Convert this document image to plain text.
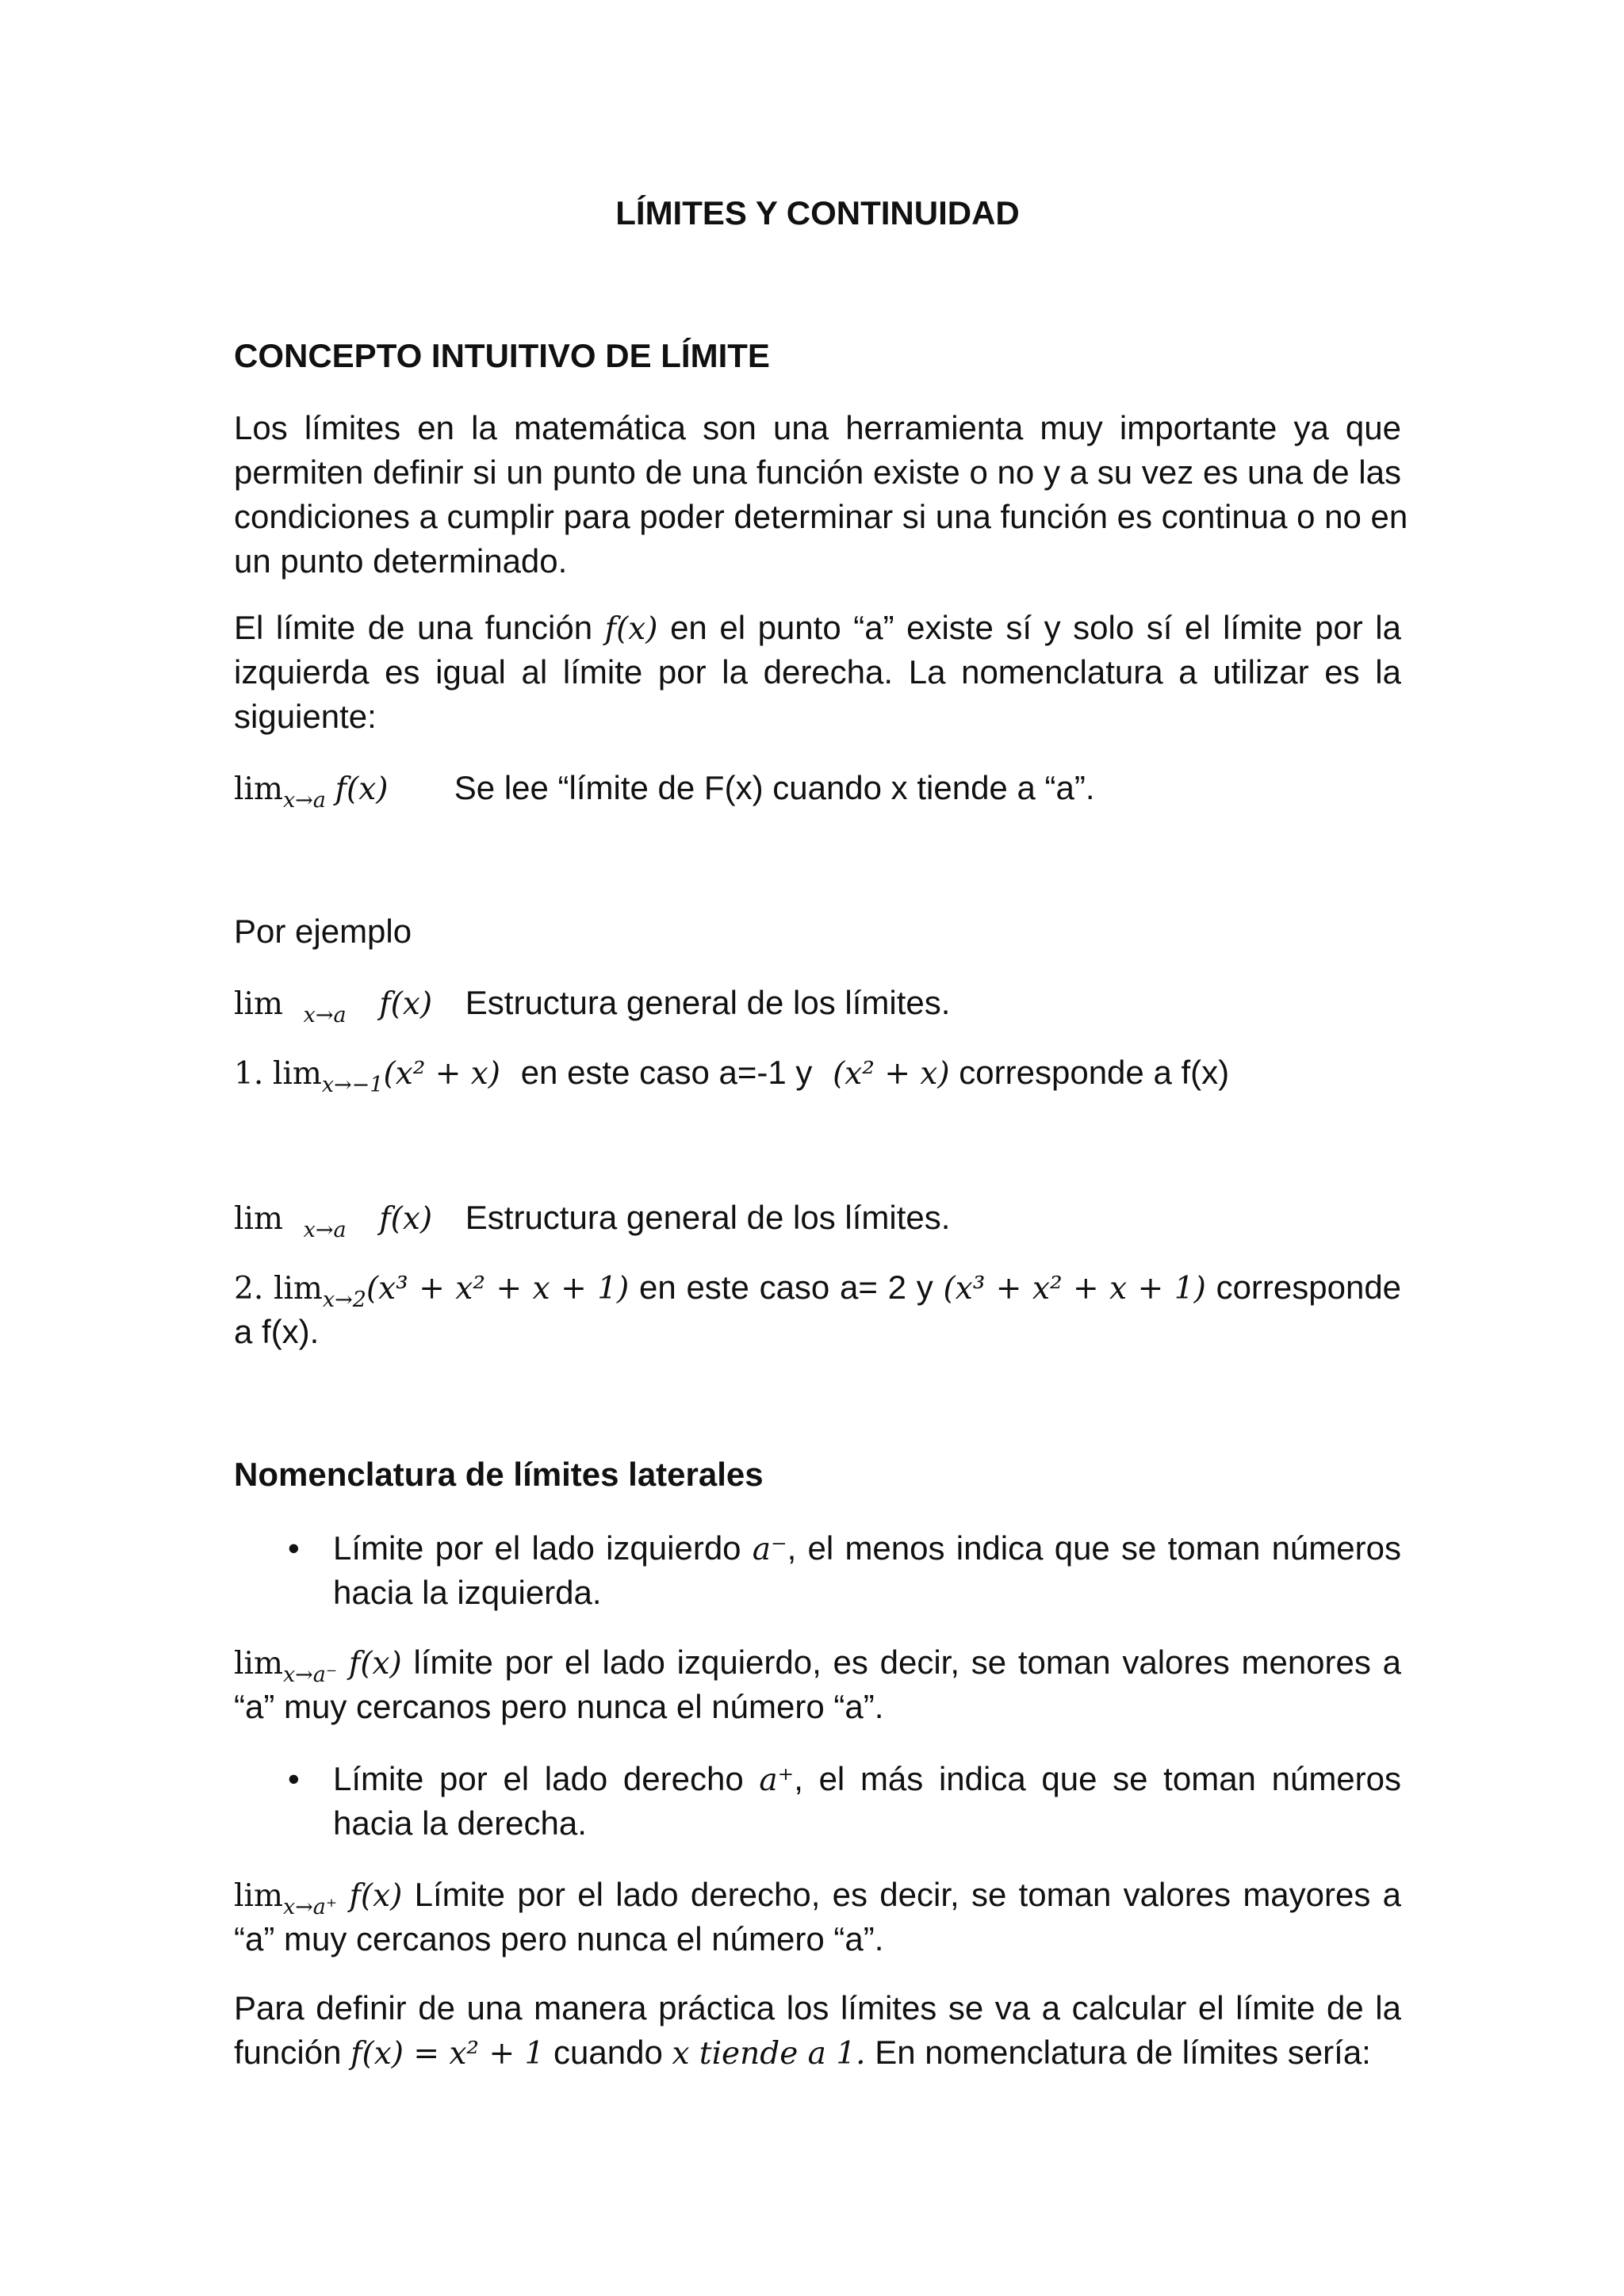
LÍMITES Y CONTINUIDAD
CONCEPTO INTUITIVO DE LÍMITE
Los límites en la matemática son una herramienta muy importante ya que
permiten definir si un punto de una función existe o no y a su vez es una de las
condiciones a cumplir para poder determinar si una función es continua o no en
un punto determinado.
El límite de una función f(x) en el punto “a” existe sí y solo sí el límite por la
izquierda es igual al límite por la derecha. La nomenclatura a utilizar es la
siguiente:
$\lim_{x\to a} f(x)$ Se lee “límite de F(x) cuando x tiende a “a”.
Por ejemplo
lim $_{x\to a}$ f(x) Estructura general de los límites.
1. $\lim_{x\to-1}(x^2 + x)$ en este caso a=-1 y (x² + x) corresponde a f(x)
lim $_{x\to a}$ f(x) Estructura general de los límites.
2. $\lim_{x\to 2}(x^3 + x^2 + x + 1)$ en este caso a= 2 y (x³ + x² + x + 1) corresponde
a f(x).
Nomenclatura de límites laterales
• Límite por el lado izquierdo a⁻, el menos indica que se toman números
hacia la izquierda.
$\lim_{x\to a^-} f(x)$ límite por el lado izquierdo, es decir, se toman valores menores a
“a” muy cercanos pero nunca el número “a”.
• Límite por el lado derecho a⁺, el más indica que se toman números
hacia la derecha.
$\lim_{x\to a^+} f(x)$ Límite por el lado derecho, es decir, se toman valores mayores a
“a” muy cercanos pero nunca el número “a”.
Para definir de una manera práctica los límites se va a calcular el límite de la
función f(x) = x² + 1 cuando x tiende a 1. En nomenclatura de límites sería:
